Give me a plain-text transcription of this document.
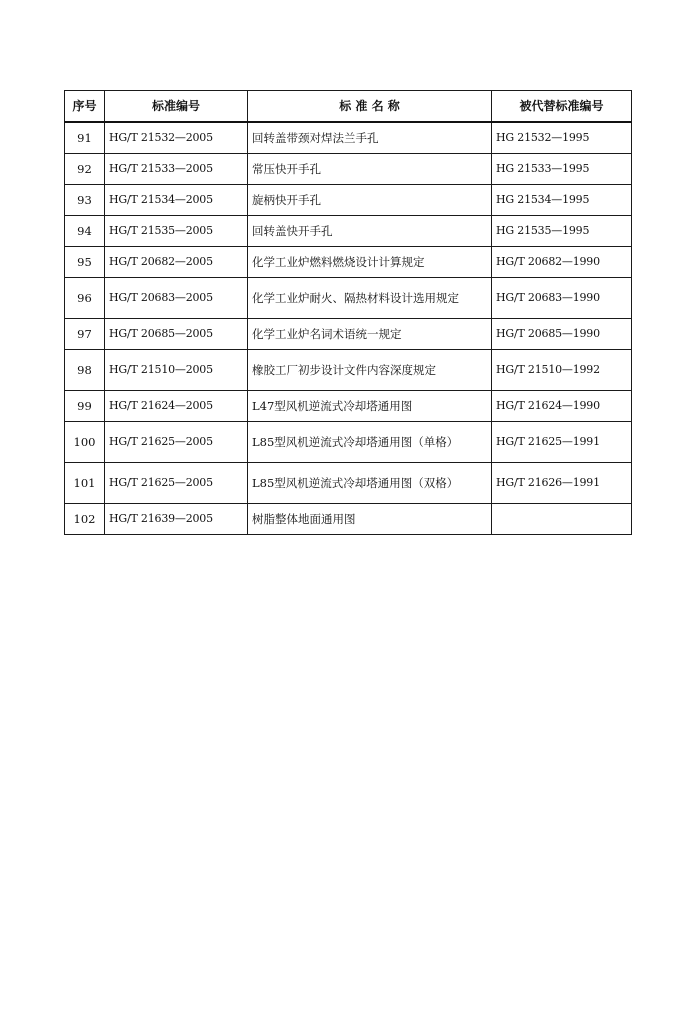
序号	标准编号	标 准 名 称	被代替标准编号
91	HG/T 21532—2005	回转盖带颈对焊法兰手孔	HG 21532—1995
92	HG/T 21533—2005	常压快开手孔	HG 21533—1995
93	HG/T 21534—2005	旋柄快开手孔	HG 21534—1995
94	HG/T 21535—2005	回转盖快开手孔	HG 21535—1995
95	HG/T 20682—2005	化学工业炉燃料燃烧设计计算规定	HG/T 20682—1990
96	HG/T 20683—2005	化学工业炉耐火、隔热材料设计选用规定	HG/T 20683—1990
97	HG/T 20685—2005	化学工业炉名词术语统一规定	HG/T 20685—1990
98	HG/T 21510—2005	橡胶工厂初步设计文件内容深度规定	HG/T 21510—1992
99	HG/T 21624—2005	L47型风机逆流式冷却塔通用图	HG/T 21624—1990
100	HG/T 21625—2005	L85型风机逆流式冷却塔通用图（单格）	HG/T 21625—1991
101	HG/T 21625—2005	L85型风机逆流式冷却塔通用图（双格）	HG/T 21626—1991
102	HG/T 21639—2005	树脂整体地面通用图	
